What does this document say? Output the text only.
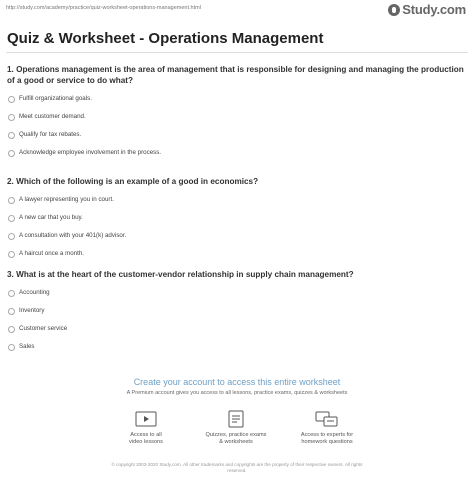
http://study.com/academy/practice/quiz-worksheet-operations-management.html	Study.com
Quiz & Worksheet - Operations Management
1. Operations management is the area of management that is responsible for designing and managing the production of a good or service to do what?
Fulfill organizational goals.
Meet customer demand.
Qualify for tax rebates.
Acknowledge employee involvement in the process.
2. Which of the following is an example of a good in economics?
A lawyer representing you in court.
A new car that you buy.
A consultation with your 401(k) advisor.
A haircut once a month.
3. What is at the heart of the customer-vendor relationship in supply chain management?
Accounting
Inventory
Customer service
Sales
Create your account to access this entire worksheet
A Premium account gives you access to all lessons, practice exams, quizzes & worksheets
Access to all
video lessons
Quizzes, practice exams
& worksheets
Access to experts for
homework questions
© copyright 2003-2020 Study.com. All other trademarks and copyrights are the property of their respective owners. All rights
reserved.
